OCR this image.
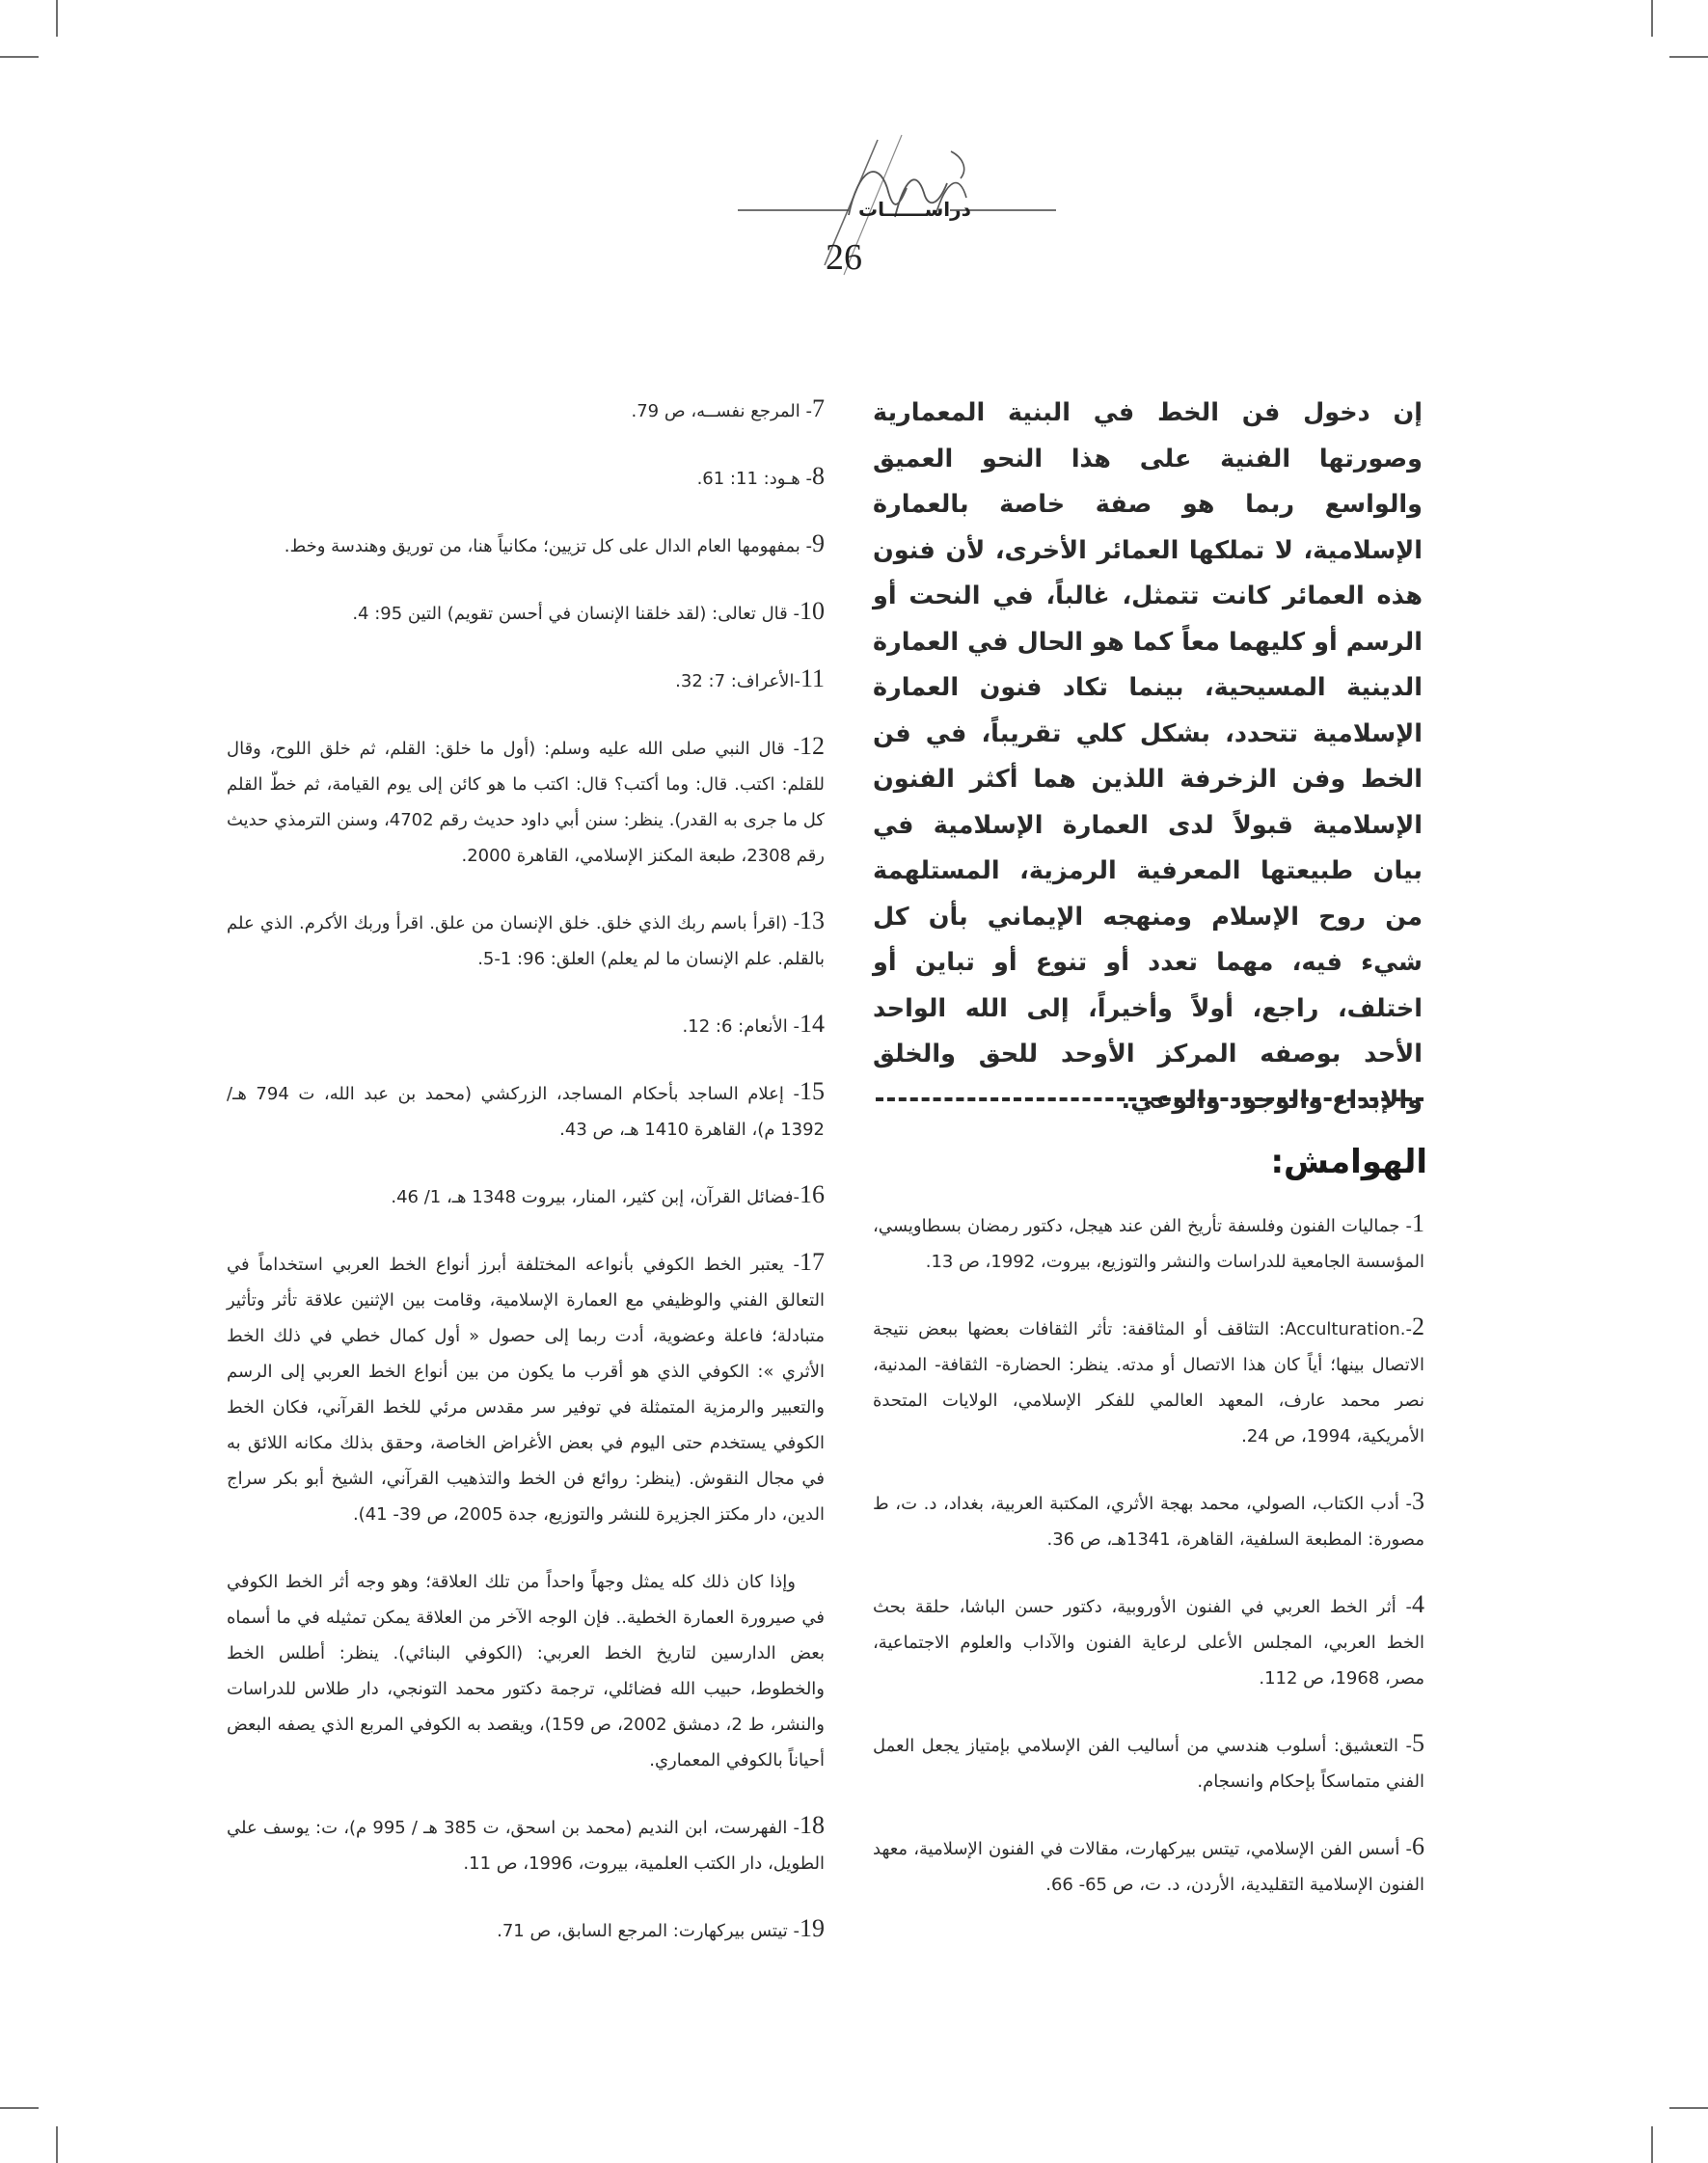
دراســــــات
26

إن دخول فن الخط في البنية المعمارية وصورتها الفنية على هذا النحو العميق والواسع ربما هو صفة خاصة بالعمارة الإسلامية، لا تملكها العمائر الأخرى، لأن فنون هذه العمائر كانت تتمثل، غالباً، في النحت أو الرسم أو كليهما معاً كما هو الحال في العمارة الدينية المسيحية، بينما تكاد فنون العمارة الإسلامية تتحدد، بشكل كلي تقريباً، في فن الخط وفن الزخرفة اللذين هما أكثر الفنون الإسلامية قبولاً لدى العمارة الإسلامية في بيان طبيعتها المعرفية الرمزية، المستلهمة من روح الإسلام ومنهجه الإيماني بأن كل شيء فيه، مهما تعدد أو تنوع أو تباين أو اختلف، راجع، أولاً وأخيراً، إلى الله الواحد الأحد بوصفه المركز الأوحد للحق والخلق والإبداع والوجود والوعي.

الهوامش:

1- جماليات الفنون وفلسفة تأريخ الفن عند هيجل، دكتور رمضان بسطاويسي، المؤسسة الجامعية للدراسات والنشر والتوزيع، بيروت، 1992، ص 13.

2-.Acculturation: التثاقف أو المثاقفة: تأثر الثقافات بعضها ببعض نتيجة الاتصال بينها؛ أياً كان هذا الاتصال أو مدته. ينظر: الحضارة- الثقافة- المدنية، نصر محمد عارف، المعهد العالمي للفكر الإسلامي، الولايات المتحدة الأمريكية، 1994، ص 24.

3- أدب الكتاب، الصولي، محمد بهجة الأثري، المكتبة العربية، بغداد، د. ت، ط مصورة: المطبعة السلفية، القاهرة، 1341هـ، ص 36.

4- أثر الخط العربي في الفنون الأوروبية، دكتور حسن الباشا، حلقة بحث الخط العربي، المجلس الأعلى لرعاية الفنون والآداب والعلوم الاجتماعية، مصر، 1968، ص 112.

5- التعشيق: أسلوب هندسي من أساليب الفن الإسلامي بإمتياز يجعل العمل الفني متماسكاً بإحكام وانسجام.

6- أسس الفن الإسلامي، تيتس بيركهارت، مقالات في الفنون الإسلامية، معهد الفنون الإسلامية التقليدية، الأردن، د. ت، ص 65- 66.

7- المرجع نفســه، ص 79.

8- هـود: 11: 61.

9- بمفهومها العام الدال على كل تزيين؛ مكانياً هنا، من توريق وهندسة وخط.

10- قال تعالى: (لقد خلقنا الإنسان في أحسن تقويم) التين 95: 4.

11-الأعراف: 7: 32.

12- قال النبي صلى الله عليه وسلم: (أول ما خلق: القلم، ثم خلق اللوح، وقال للقلم: اكتب. قال: وما أكتب؟ قال: اكتب ما هو كائن إلى يوم القيامة، ثم خطّ القلم كل ما جرى به القدر). ينظر: سنن أبي داود حديث رقم 4702، وسنن الترمذي حديث رقم 2308، طبعة المكنز الإسلامي، القاهرة 2000.

13- (اقرأ باسم ربك الذي خلق. خلق الإنسان من علق. اقرأ وربك الأكرم. الذي علم بالقلم. علم الإنسان ما لم يعلم) العلق: 96: 1-5.

14- الأنعام: 6: 12.

15- إعلام الساجد بأحكام المساجد، الزركشي (محمد بن عبد الله، ت 794 هـ/ 1392 م)، القاهرة 1410 هـ، ص 43.

16-فضائل القرآن، إبن كثير، المنار، بيروت 1348 هـ، 1/ 46.

17- يعتبر الخط الكوفي بأنواعه المختلفة أبرز أنواع الخط العربي استخداماً في التعالق الفني والوظيفي مع العمارة الإسلامية، وقامت بين الإثنين علاقة تأثر وتأثير متبادلة؛ فاعلة وعضوية، أدت ربما إلى حصول « أول كمال خطي في ذلك الخط الأثري »: الكوفي الذي هو أقرب ما يكون من بين أنواع الخط العربي إلى الرسم والتعبير والرمزية المتمثلة في توفير سر مقدس مرئي للخط القرآني، فكان الخط الكوفي يستخدم حتى اليوم في بعض الأغراض الخاصة، وحقق بذلك مكانه اللائق به في مجال النقوش. (ينظر: روائع فن الخط والتذهيب القرآني، الشيخ أبو بكر سراج الدين، دار مكتز الجزيرة للنشر والتوزيع، جدة 2005، ص 39- 41).

وإذا كان ذلك كله يمثل وجهاً واحداً من تلك العلاقة؛ وهو وجه أثر الخط الكوفي في صيرورة العمارة الخطية.. فإن الوجه الآخر من العلاقة يمكن تمثيله في ما أسماه بعض الدارسين لتاريخ الخط العربي: (الكوفي البنائي). ينظر: أطلس الخط والخطوط، حبيب الله فضائلي، ترجمة دكتور محمد التونجي، دار طلاس للدراسات والنشر، ط 2، دمشق 2002، ص 159)، ويقصد به الكوفي المربع الذي يصفه البعض أحياناً بالكوفي المعماري.

18- الفهرست، ابن النديم (محمد بن اسحق، ت 385 هـ / 995 م)، ت: يوسف علي الطويل، دار الكتب العلمية، بيروت، 1996، ص 11.

19- تيتس بيركهارت: المرجع السابق، ص 71.
